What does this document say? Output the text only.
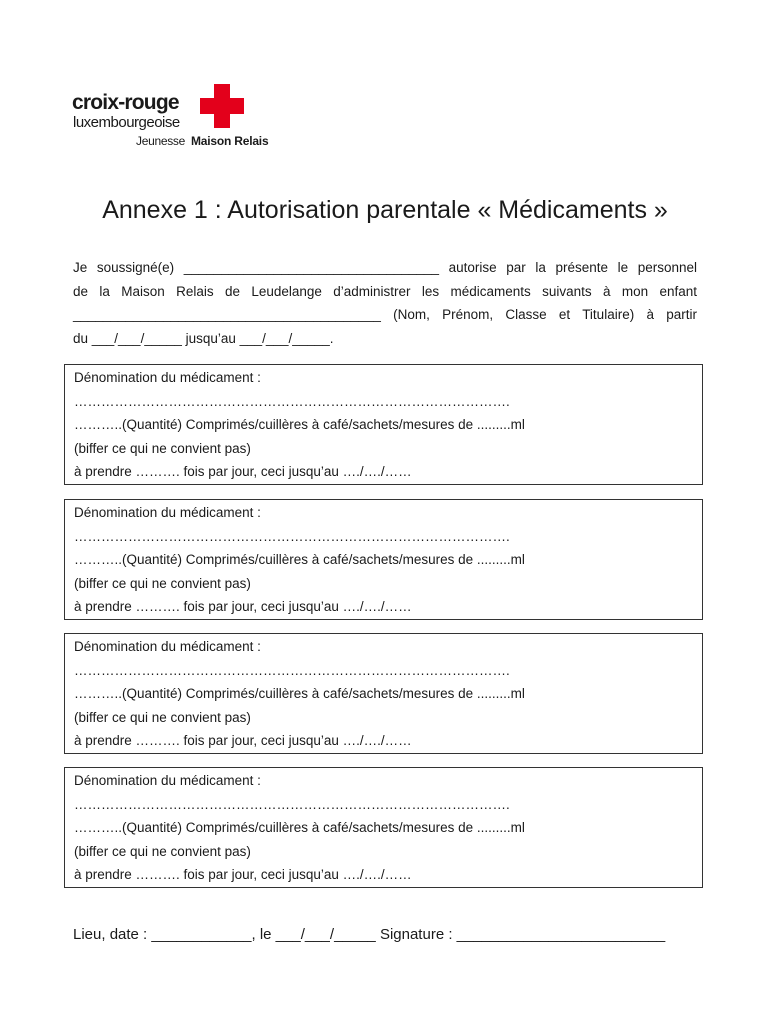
croix-rouge
luxembourgeoise
Jeunesse Maison Relais
Annexe 1 : Autorisation parentale « Médicaments »
Je soussigné(e) __________________________________ autorise par la présente le personnel
de la Maison Relais de Leudelange d’administrer les médicaments suivants à mon enfant
_________________________________________ (Nom, Prénom, Classe et Titulaire) à partir
du ___/___/_____ jusqu’au ___/___/_____.
Dénomination du médicament :
…………………………………………………………………………………….
………..(Quantité) Comprimés/cuillères à café/sachets/mesures de .........ml
(biffer ce qui ne convient pas)
à prendre ………. fois par jour, ceci jusqu’au …./…./……
Dénomination du médicament :
…………………………………………………………………………………….
………..(Quantité) Comprimés/cuillères à café/sachets/mesures de .........ml
(biffer ce qui ne convient pas)
à prendre ………. fois par jour, ceci jusqu’au …./…./……
Dénomination du médicament :
…………………………………………………………………………………….
………..(Quantité) Comprimés/cuillères à café/sachets/mesures de .........ml
(biffer ce qui ne convient pas)
à prendre ………. fois par jour, ceci jusqu’au …./…./……
Dénomination du médicament :
…………………………………………………………………………………….
………..(Quantité) Comprimés/cuillères à café/sachets/mesures de .........ml
(biffer ce qui ne convient pas)
à prendre ………. fois par jour, ceci jusqu’au …./…./……
Lieu, date : ____________, le ___/___/_____ Signature : _________________________
